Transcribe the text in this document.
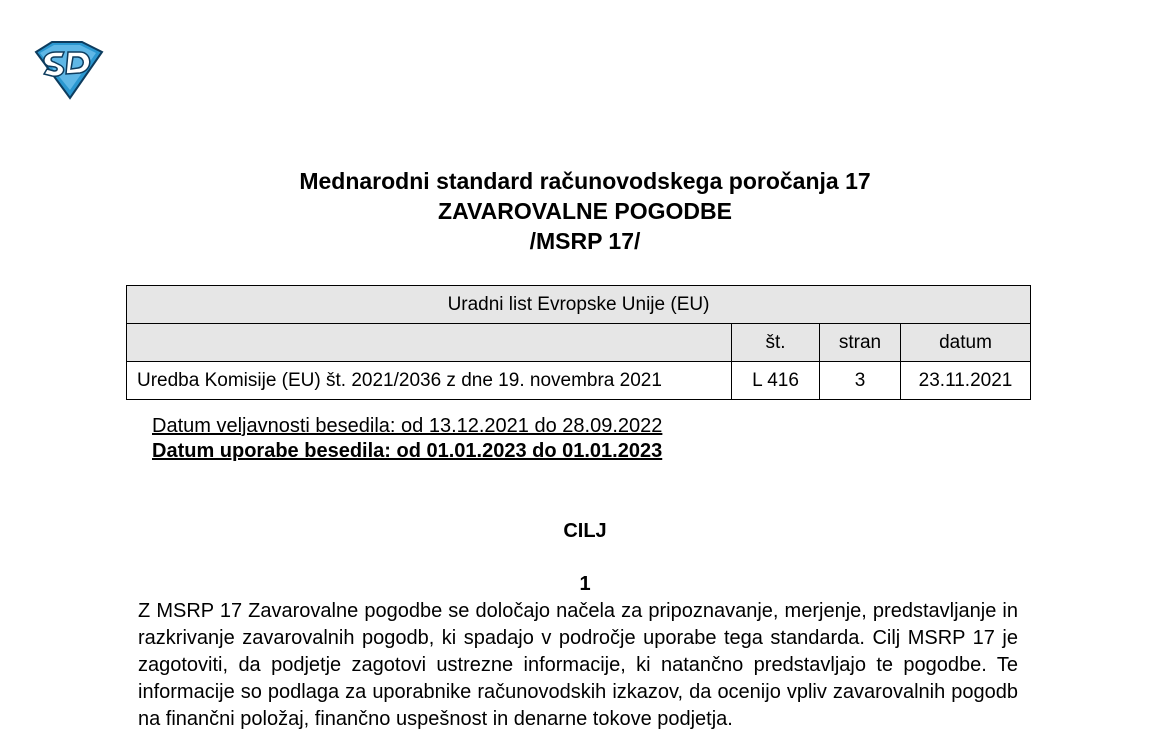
Mednarodni standard računovodskega poročanja 17
ZAVAROVALNE POGODBE
/MSRP 17/
Uradni list Evropske Unije (EU)			
	št.	stran	datum
Uredba Komisije (EU) št. 2021/2036 z dne 19. novembra 2021	L 416	3	23.11.2021
Datum veljavnosti besedila: od 13.12.2021 do 28.09.2022
Datum uporabe besedila: od 01.01.2023 do 01.01.2023
CILJ
1
Z MSRP 17 Zavarovalne pogodbe se določajo načela za pripoznavanje, merjenje, predstavljanje in razkrivanje zavarovalnih pogodb, ki spadajo v področje uporabe tega standarda. Cilj MSRP 17 je zagotoviti, da podjetje zagotovi ustrezne informacije, ki natančno predstavljajo te pogodbe. Te informacije so podlaga za uporabnike računovodskih izkazov, da ocenijo vpliv zavarovalnih pogodb na finančni položaj, finančno uspešnost in denarne tokove podjetja.
